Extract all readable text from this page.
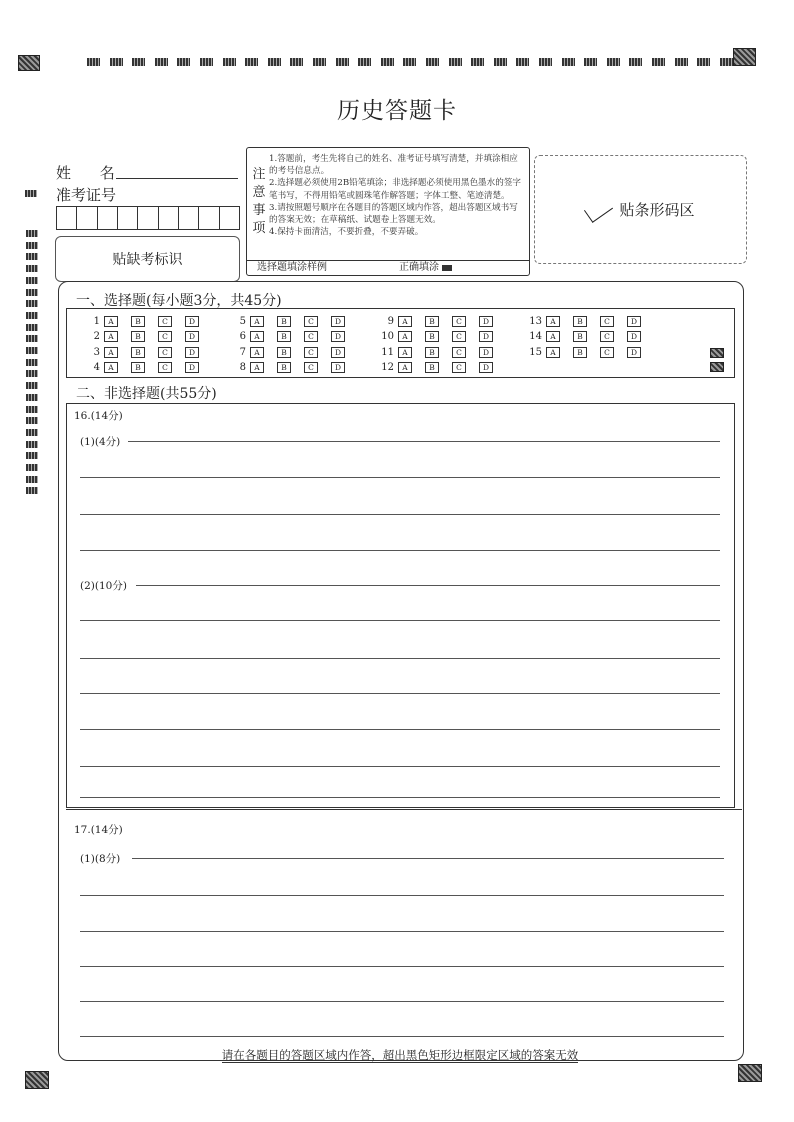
历史答题卡
姓 名
准考证号
贴缺考标识
注
意
事
项
1.答题前，考生先将自己的姓名、准考证号填写清楚，并填涂相应的考号信息点。
2.选择题必须使用2B铅笔填涂；非选择题必须使用黑色墨水的签字笔书写，不得用铅笔或圆珠笔作解答题；字体工整、笔迹清楚。
3.请按照题号顺序在各题目的答题区域内作答，超出答题区域书写的答案无效；在草稿纸、试题卷上答题无效。
4.保持卡面清洁，不要折叠，不要弄破。
选择题填涂样例	正确填涂
贴条形码区
一、选择题(每小题3分，共45分)
1	A	B	C	D
2	A	B	C	D
3	A	B	C	D
4	A	B	C	D
5	A	B	C	D
6	A	B	C	D
7	A	B	C	D
8	A	B	C	D
9	A	B	C	D
10	A	B	C	D
11	A	B	C	D
12	A	B	C	D
13	A	B	C	D
14	A	B	C	D
15	A	B	C	D
二、非选择题(共55分)
16.(14分)
(1)(4分)
(2)(10分)
17.(14分)
(1)(8分)
请在各题目的答题区域内作答，超出黑色矩形边框限定区域的答案无效
